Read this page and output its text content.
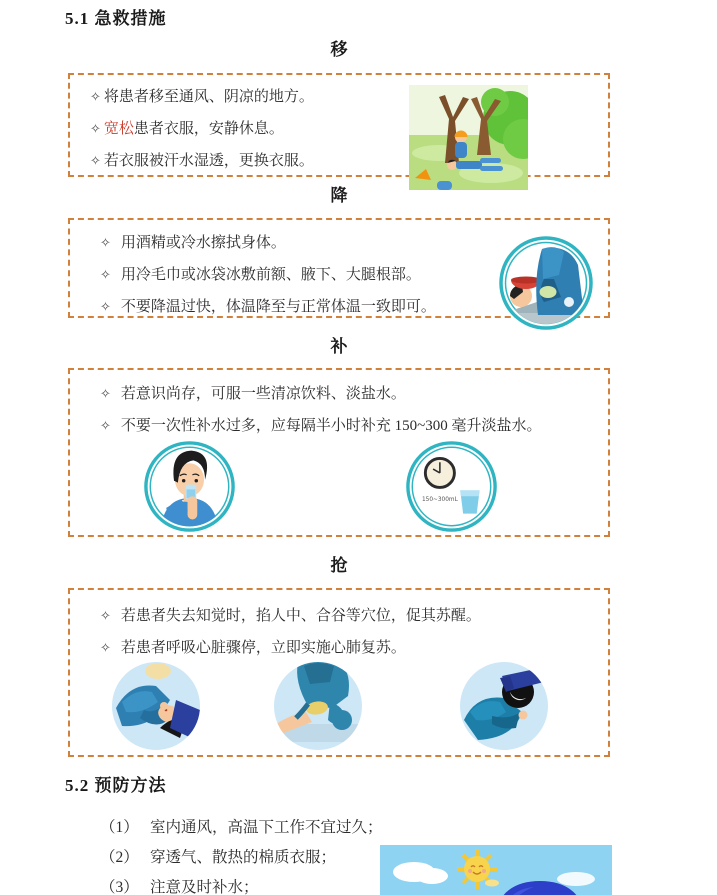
5.1 急救措施
移
✧ 将患者移至通风、阴凉的地方。
✧ 宽松患者衣服，安静休息。
✧ 若衣服被汗水湿透，更换衣服。
降
✧ 用酒精或冷水擦拭身体。
✧ 用冷毛巾或冰袋冰敷前额、腋下、大腿根部。
✧ 不要降温过快，体温降至与正常体温一致即可。
补
✧ 若意识尚存，可服一些清凉饮料、淡盐水。
✧ 不要一次性补水过多，应每隔半小时补充 150~300 毫升淡盐水。
150~300mL
抢
✧ 若患者失去知觉时，掐人中、合谷等穴位，促其苏醒。
✧ 若患者呼吸心脏骤停，立即实施心肺复苏。
5.2 预防方法
（1） 室内通风，高温下工作不宜过久；
（2） 穿透气、散热的棉质衣服；
（3） 注意及时补水；
